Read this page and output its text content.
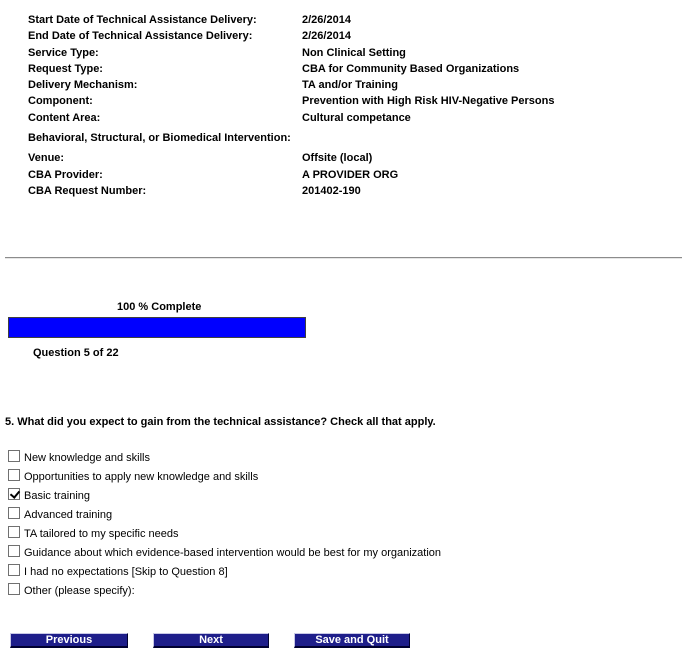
Start Date of Technical Assistance Delivery:	2/26/2014
End Date of Technical Assistance Delivery:	2/26/2014
Service Type:	Non Clinical Setting
Request Type:	CBA for Community Based Organizations
Delivery Mechanism:	TA and/or Training
Component:	Prevention with High Risk HIV-Negative Persons
Content Area:	Cultural competance
Behavioral, Structural, or Biomedical Intervention:
Venue:	Offsite (local)
CBA Provider:	A PROVIDER ORG
CBA Request Number:	201402-190
100 % Complete
Question 5 of 22
5. What did you expect to gain from the technical assistance? Check all that apply.
New knowledge and skills
Opportunities to apply new knowledge and skills
Basic training
Advanced training
TA tailored to my specific needs
Guidance about which evidence-based intervention would be best for my organization
I had no expectations [Skip to Question 8]
Other (please specify):
Previous	Next	Save and Quit
